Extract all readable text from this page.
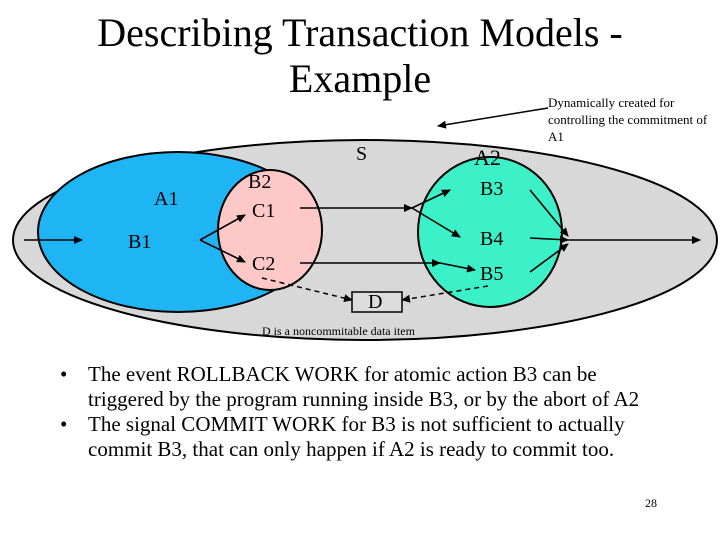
Describing Transaction Models - Example
Dynamically created for controlling the commitment of A1
S
A1
B1
B2
C1
C2
A2
B3
B4
B5
D
D is a noncommitable data item
• The event ROLLBACK WORK for atomic action B3 can be triggered by the program running inside B3, or by the abort of A2
• The signal COMMIT WORK for B3 is not sufficient to actually commit B3, that can only happen if A2 is ready to commit too.
28
